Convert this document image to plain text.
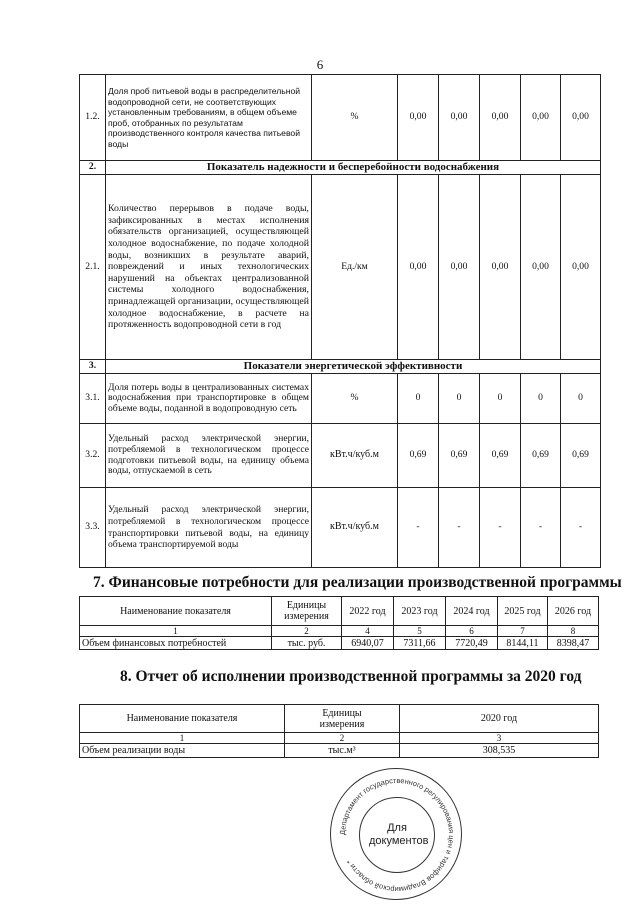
6
1.2.	Доля проб питьевой воды в распределительной водопроводной сети, не соответствующих установленным требованиям, в общем объеме проб, отобранных по результатам производственного контроля качества питьевой воды	%	0,00	0,00	0,00	0,00	0,00
2.	Показатель надежности и бесперебойности водоснабжения						
2.1.	Количество перерывов в подаче воды, зафиксированных в местах исполнения обязательств организацией, осуществляющей холодное водоснабжение, по подаче холодной воды, возникших в результате аварий, повреждений и иных технологических нарушений на объектах централизованной системы холодного водоснабжения, принадлежащей организации, осуществляющей холодное водоснабжение, в расчете на протяженность водопроводной сети в год	Ед./км	0,00	0,00	0,00	0,00	0,00
3.	Показатели энергетической эффективности						
3.1.	Доля потерь воды в централизованных системах водоснабжения при транспортировке в общем объеме воды, поданной в водопроводную сеть	%	0	0	0	0	0
3.2.	Удельный расход электрической энергии, потребляемой в технологическом процессе подготовки питьевой воды, на единицу объема воды, отпускаемой в сеть	кВт.ч/куб.м	0,69	0,69	0,69	0,69	0,69
3.3.	Удельный расход электрической энергии, потребляемой в технологическом процессе транспортировки питьевой воды, на единицу объема транспортируемой воды	кВт.ч/куб.м	-	-	-	-	-
7. Финансовые потребности для реализации производственной программы
Наименование показателя	Единицы измерения	2022 год	2023 год	2024 год	2025 год	2026 год
1	2	4	5	6	7	8
Объем финансовых потребностей	тыс. руб.	6940,07	7311,66	7720,49	8144,11	8398,47
8. Отчет об исполнении производственной программы за 2020 год
Наименование показателя	Единицы измерения	2020 год
1	2	3
Объем реализации воды	тыс.м³	308,535
Департамент государственного регулирования цен и тарифов Владимирской области *
Для документов
